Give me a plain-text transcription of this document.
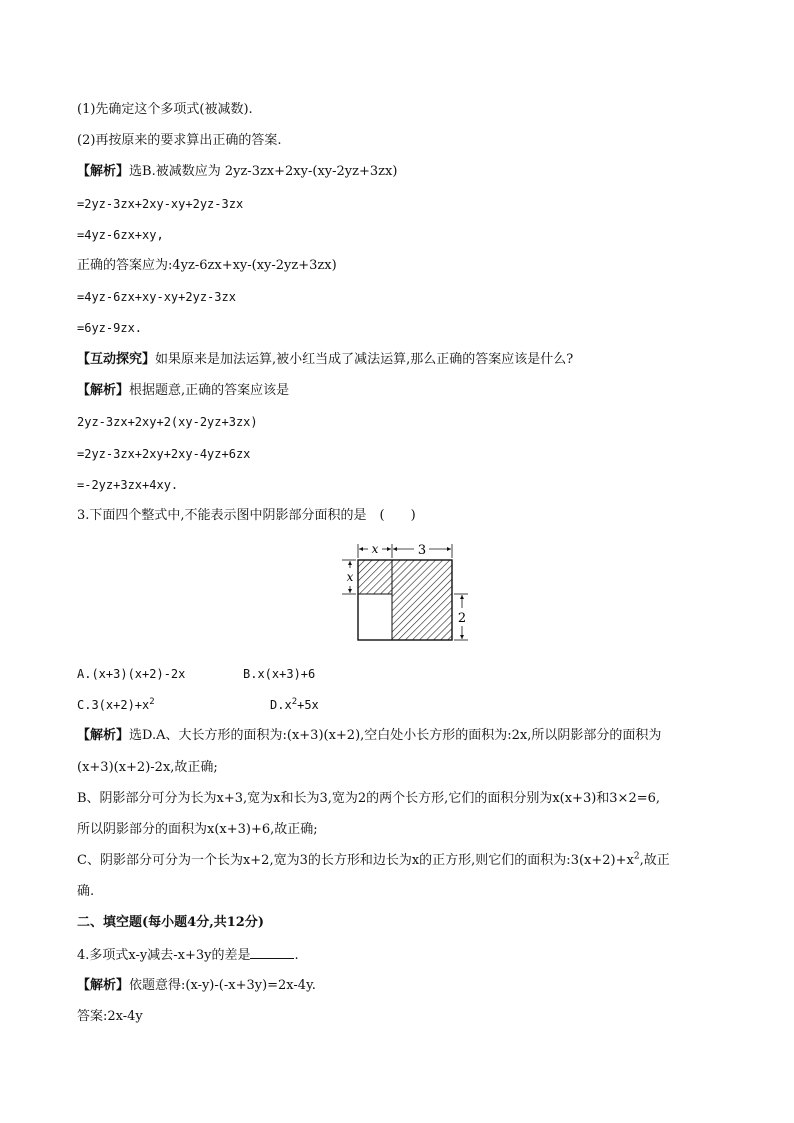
(1)先确定这个多项式(被减数).
(2)再按原来的要求算出正确的答案.
【解析】选B.被减数应为 2yz-3zx+2xy-(xy-2yz+3zx)
=2yz-3zx+2xy-xy+2yz-3zx
=4yz-6zx+xy,
正确的答案应为:4yz-6zx+xy-(xy-2yz+3zx)
=4yz-6zx+xy-xy+2yz-3zx
=6yz-9zx.
【互动探究】如果原来是加法运算,被小红当成了减法运算,那么正确的答案应该是什么?
【解析】根据题意,正确的答案应该是
2yz-3zx+2xy+2(xy-2yz+3zx)
=2yz-3zx+2xy+2xy-4yz+6zx
=-2yz+3zx+4xy.
3.下面四个整式中,不能表示图中阴影部分面积的是　(　　)
x	3
x
2
A.(x+3)(x+2)-2x	B.x(x+3)+6
$C.3(x+2)+x^2$	$D.x^2+5x$
【解析】选D.A、大长方形的面积为:(x+3)(x+2),空白处小长方形的面积为:2x,所以阴影部分的面积为
(x+3)(x+2)-2x,故正确;
B、阴影部分可分为长为x+3,宽为x和长为3,宽为2的两个长方形,它们的面积分别为x(x+3)和3×2=6,
所以阴影部分的面积为x(x+3)+6,故正确;
C、阴影部分可分为一个长为x+2,宽为3的长方形和边长为x的正方形,则它们的面积为$:3(x+2)+x^2$,故正
确.
二、填空题(每小题4分,共12分)
4.多项式x-y减去-x+3y的差是	.
【解析】依题意得:(x-y)-(-x+3y)=2x-4y.
答案:2x-4y
